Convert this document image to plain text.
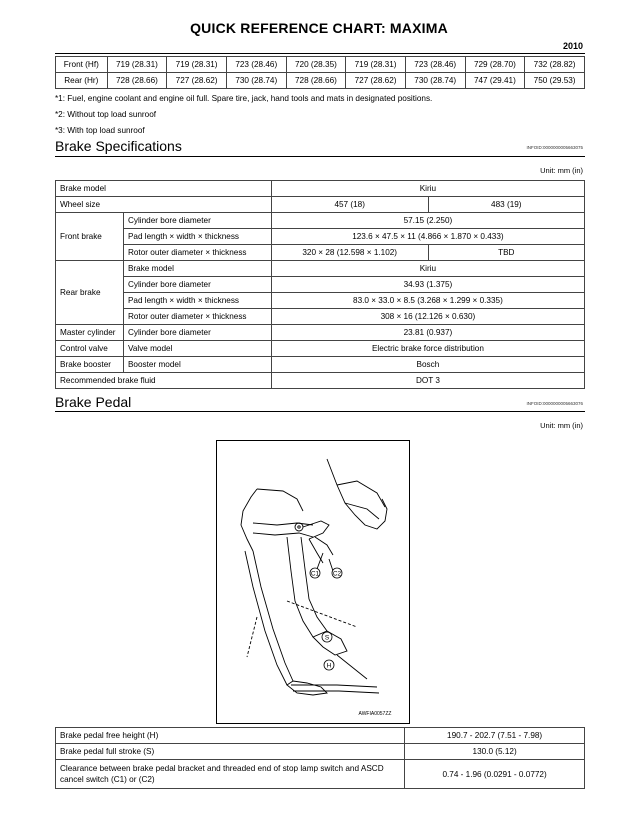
QUICK REFERENCE CHART: MAXIMA
2010
Front (Hf)	719 (28.31)	719 (28.31)	723 (28.46)	720 (28.35)	719 (28.31)	723 (28.46)	729 (28.70)	732 (28.82)
Rear (Hr)	728 (28.66)	727 (28.62)	730 (28.74)	728 (28.66)	727 (28.62)	730 (28.74)	747 (29.41)	750 (29.53)
*1: Fuel, engine coolant and engine oil full. Spare tire, jack, hand tools and mats in designated positions.
*2: Without top load sunroof
*3: With top load sunroof
Brake Specifications	INFOID:0000000005663075
Unit: mm (in)
Brake model		Kiriu	
Wheel size		457 (18)	483 (19)
Front brake	Cylinder bore diameter	57.15 (2.250)	
	Pad length × width × thickness	123.6 × 47.5 × 11 (4.866 × 1.870 × 0.433)	
	Rotor outer diameter × thickness	320 × 28 (12.598 × 1.102)	TBD
Rear brake	Brake model	Kiriu	
	Cylinder bore diameter	34.93 (1.375)	
	Pad length × width × thickness	83.0 × 33.0 × 8.5 (3.268 × 1.299 × 0.335)	
	Rotor outer diameter × thickness	308 × 16 (12.126 × 0.630)	
Master cylinder	Cylinder bore diameter	23.81 (0.937)	
Control valve	Valve model	Electric brake force distribution	
Brake booster	Booster model	Bosch	
Recommended brake fluid		DOT 3	
Brake Pedal	INFOID:0000000005663076
Unit: mm (in)
C1 C2
S
H
AWFIA0057ZZ
Brake pedal free height (H)	190.7 - 202.7 (7.51 - 7.98)
Brake pedal full stroke (S)	130.0 (5.12)
Clearance between brake pedal bracket and threaded end of stop lamp switch and ASCD cancel switch (C1) or (C2)	0.74 - 1.96 (0.0291 - 0.0772)
